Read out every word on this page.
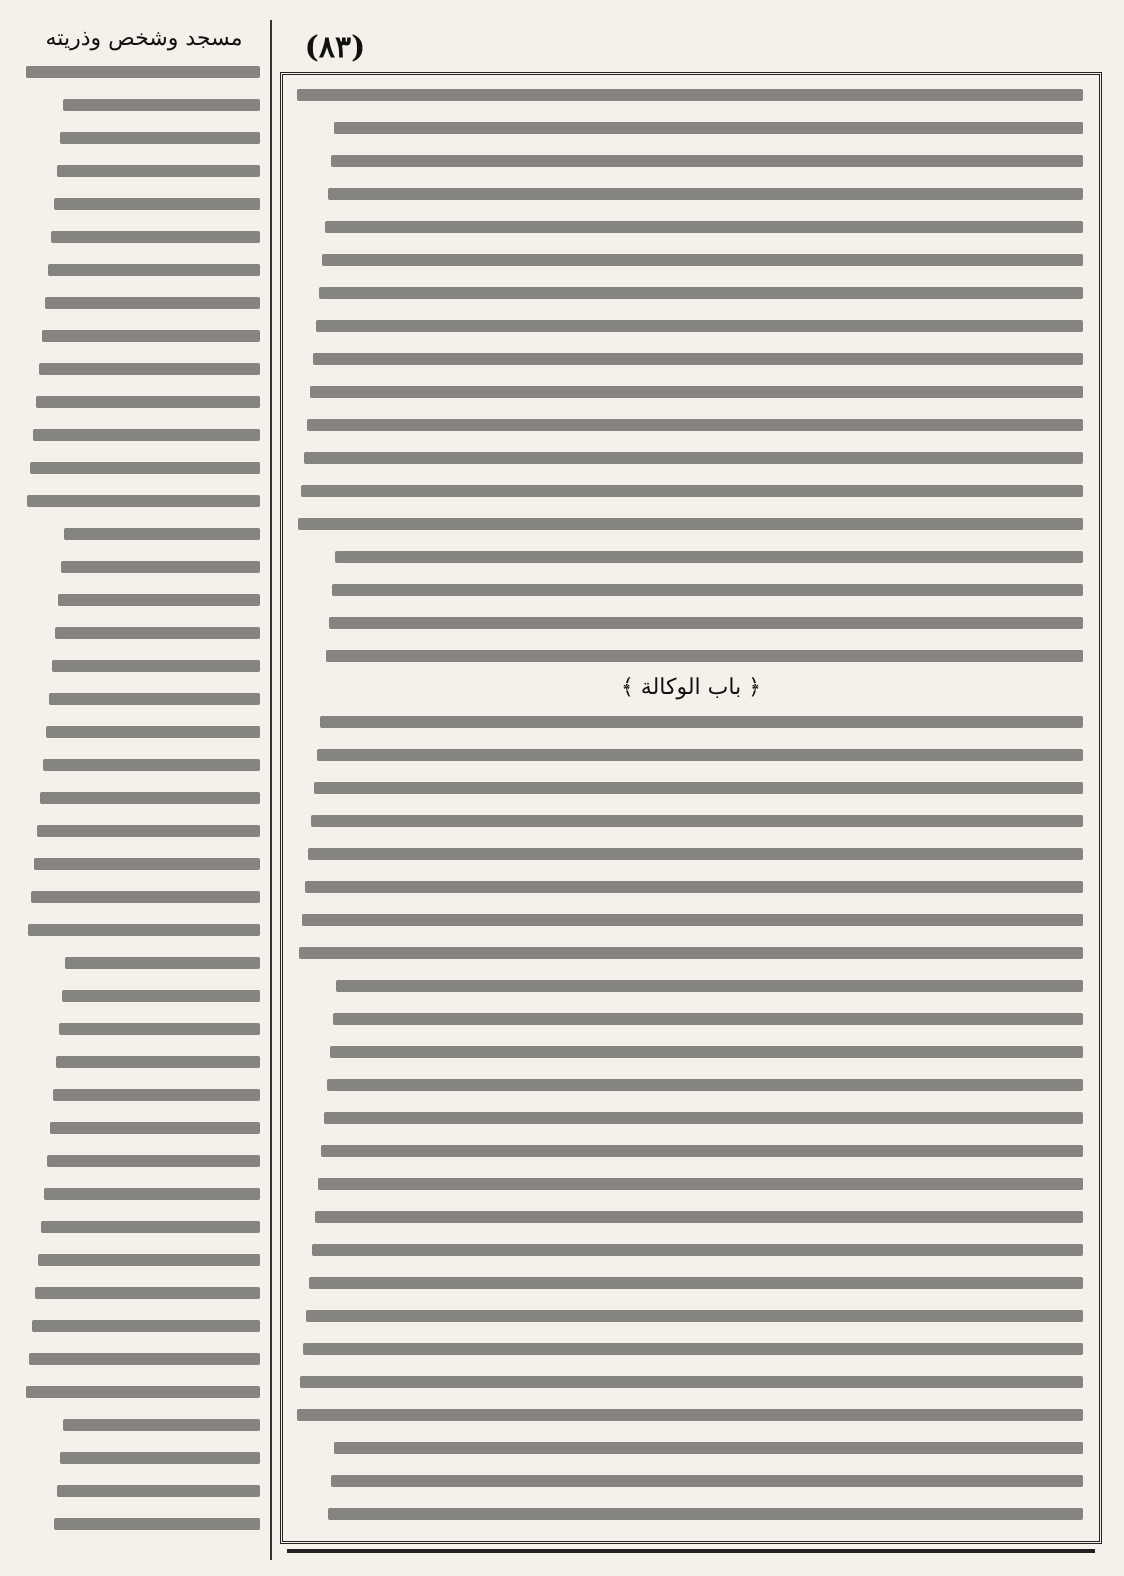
مسجد وشخص وذريته	(٨٣)
﴿ باب الوكالة ﴾
